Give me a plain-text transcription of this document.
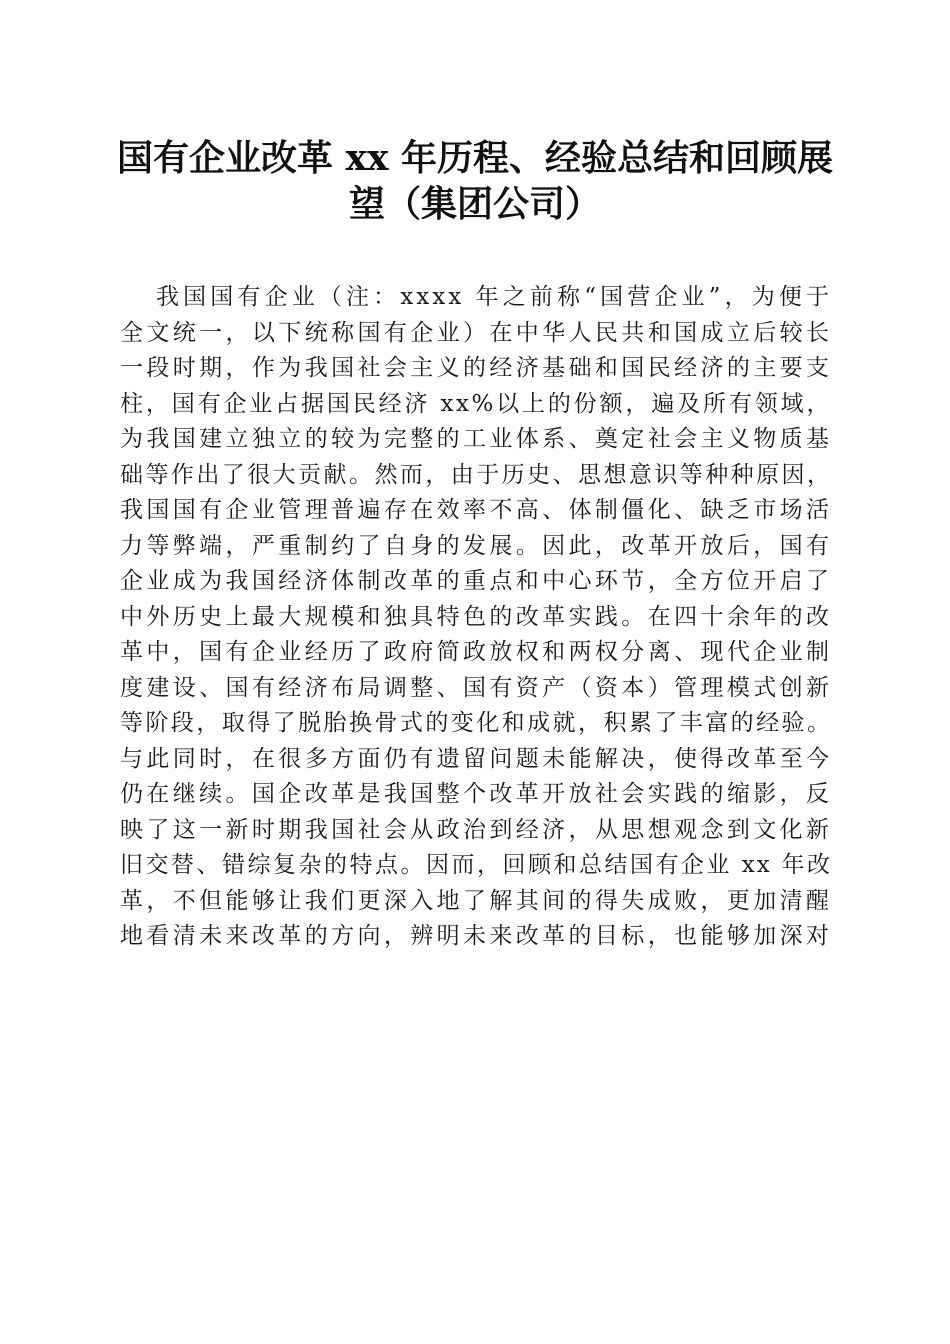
国有企业改革 xx 年历程、经验总结和回顾展
望（集团公司）
我国国有企业（注：xxxx 年之前称“国营企业”，为便于
全文统一，以下统称国有企业）在中华人民共和国成立后较长
一段时期，作为我国社会主义的经济基础和国民经济的主要支
柱，国有企业占据国民经济 xx%以上的份额，遍及所有领域，
为我国建立独立的较为完整的工业体系、奠定社会主义物质基
础等作出了很大贡献。然而，由于历史、思想意识等种种原因，
我国国有企业管理普遍存在效率不高、体制僵化、缺乏市场活
力等弊端，严重制约了自身的发展。因此，改革开放后，国有
企业成为我国经济体制改革的重点和中心环节，全方位开启了
中外历史上最大规模和独具特色的改革实践。在四十余年的改
革中，国有企业经历了政府简政放权和两权分离、现代企业制
度建设、国有经济布局调整、国有资产（资本）管理模式创新
等阶段，取得了脱胎换骨式的变化和成就，积累了丰富的经验。
与此同时，在很多方面仍有遗留问题未能解决，使得改革至今
仍在继续。国企改革是我国整个改革开放社会实践的缩影，反
映了这一新时期我国社会从政治到经济，从思想观念到文化新
旧交替、错综复杂的特点。因而，回顾和总结国有企业 xx 年改
革，不但能够让我们更深入地了解其间的得失成败，更加清醒
地看清未来改革的方向，辨明未来改革的目标，也能够加深对
